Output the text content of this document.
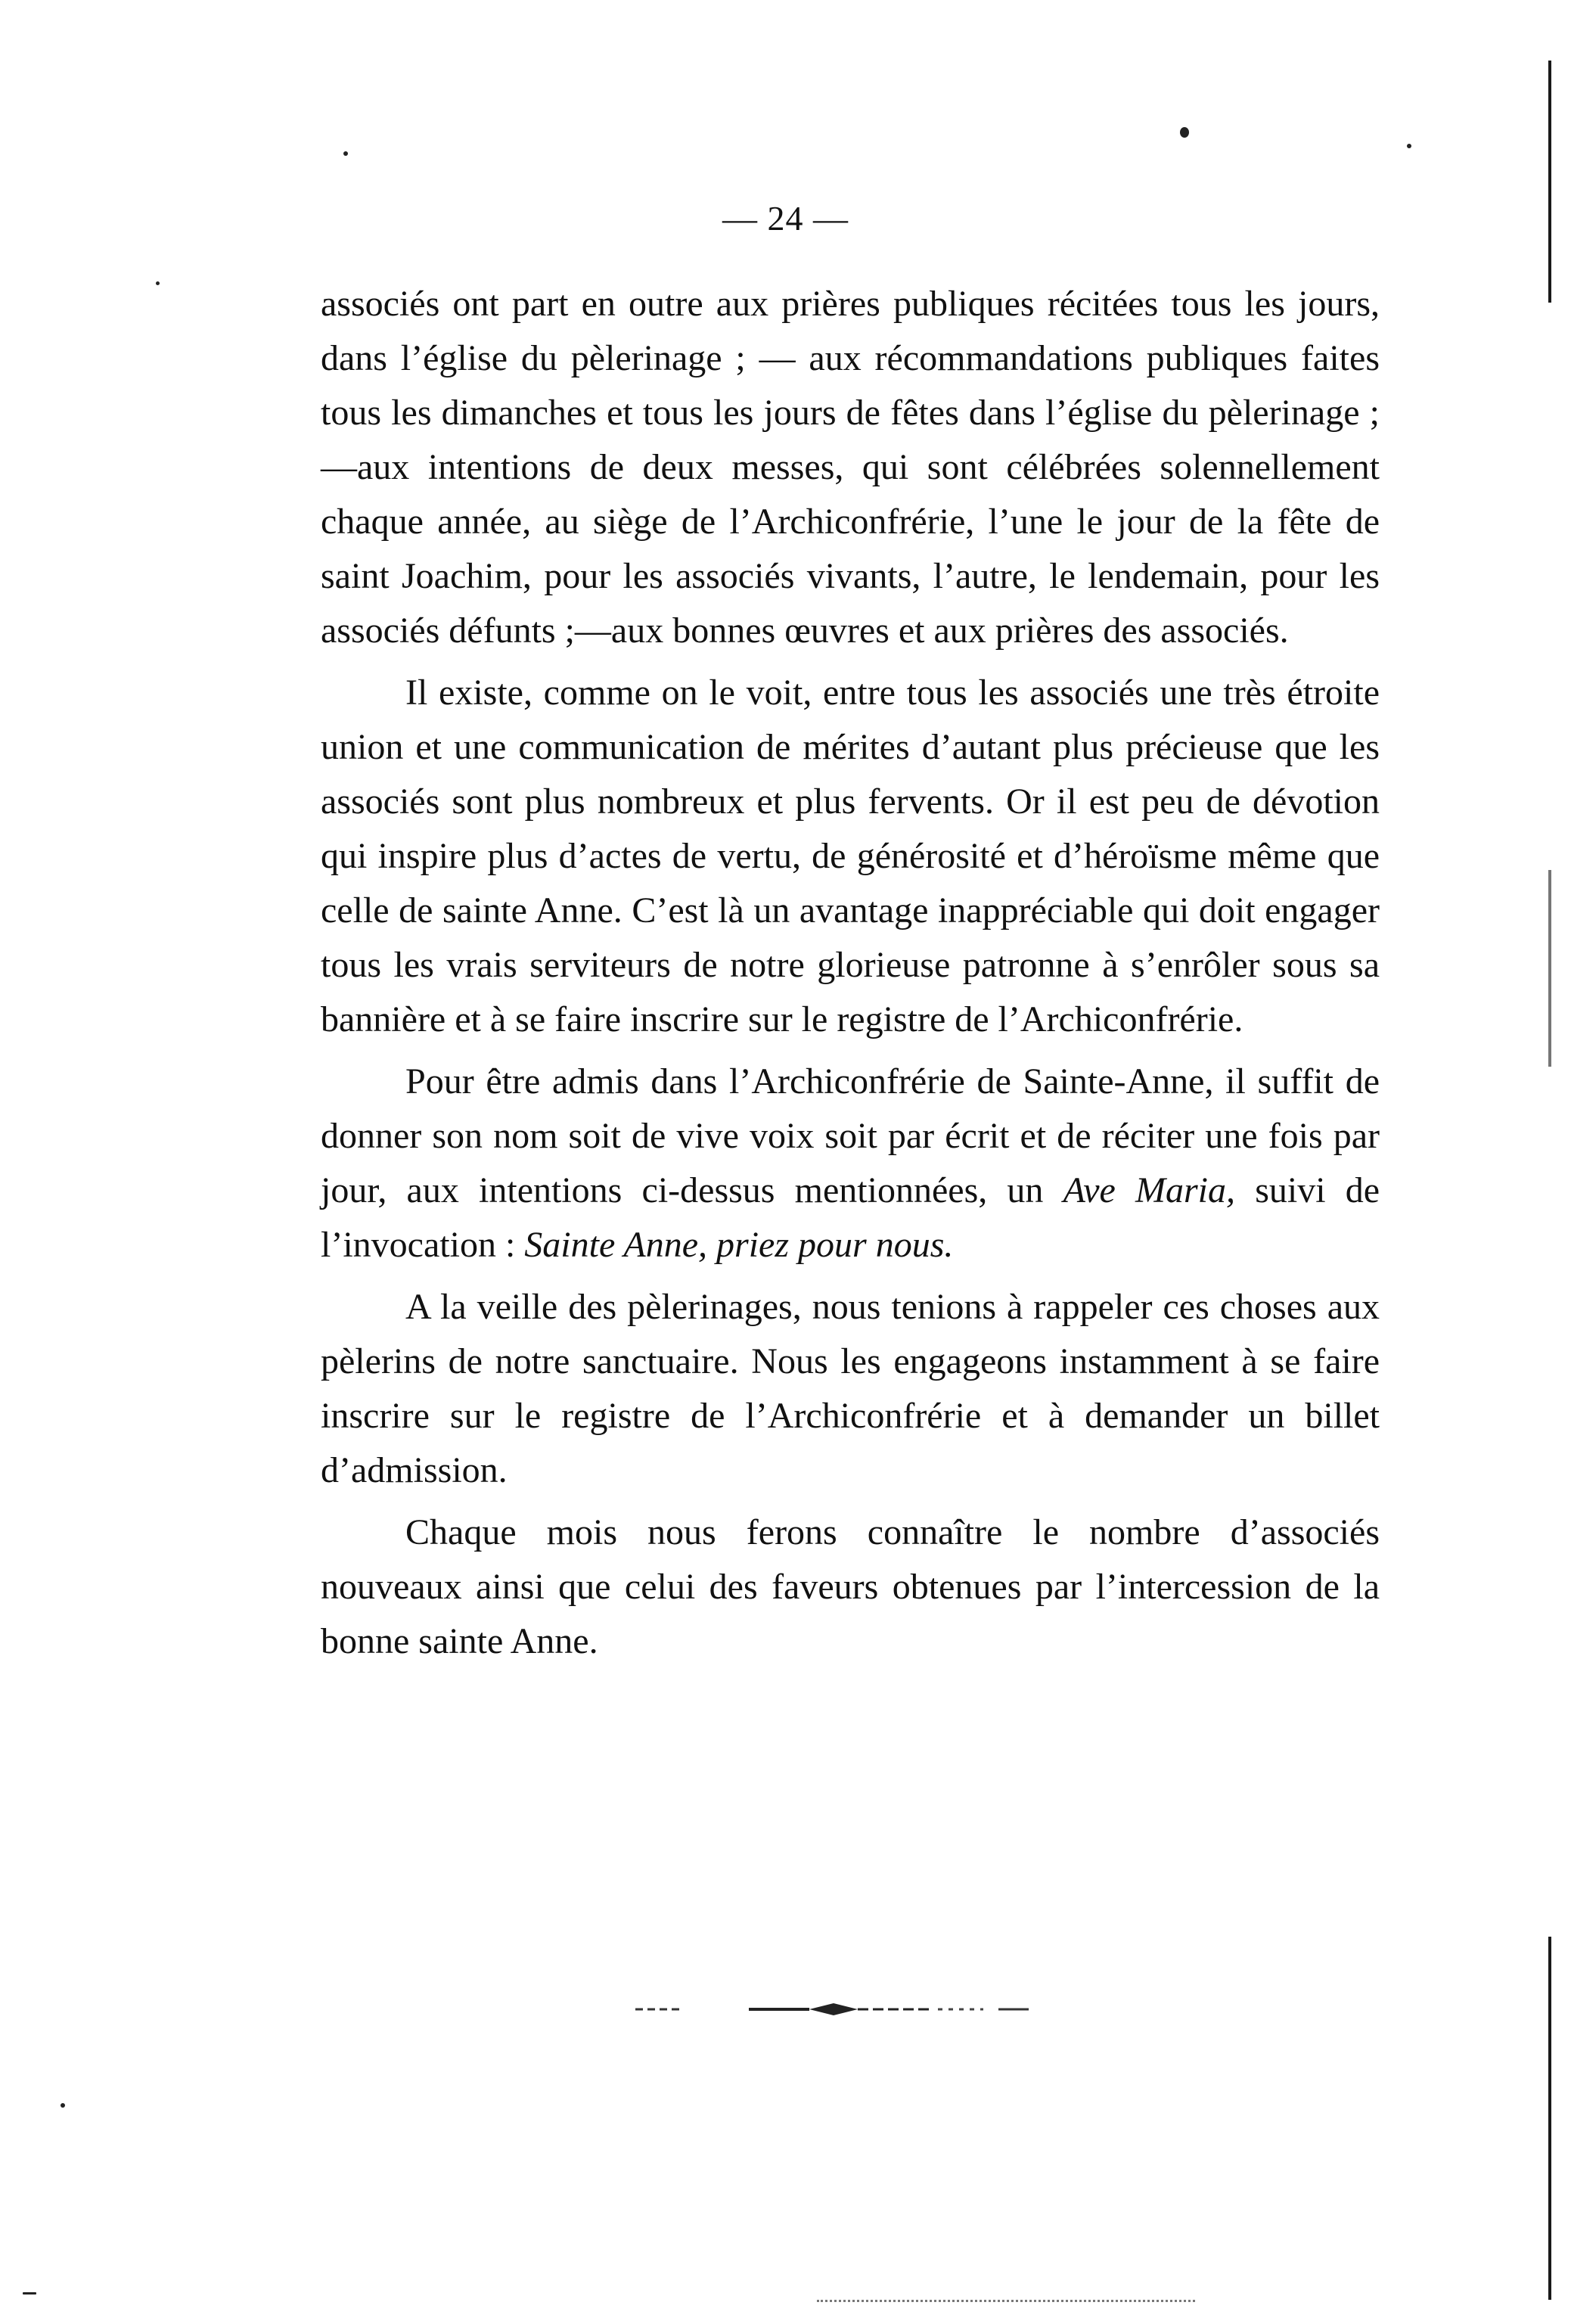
— 24 —

associés ont part en outre aux prières publiques récitées tous les jours, dans l’église du pèlerinage ; — aux récommandations publiques faites tous les dimanches et tous les jours de fêtes dans l’église du pèlerinage ;—aux intentions de deux messes, qui sont célébrées solennellement chaque année, au siège de l’Archiconfrérie, l’une le jour de la fête de saint Joachim, pour les associés vivants, l’autre, le lendemain, pour les associés défunts ;—aux bonnes œuvres et aux prières des associés.

Il existe, comme on le voit, entre tous les associés une très étroite union et une communication de mérites d’autant plus précieuse que les associés sont plus nombreux et plus fervents. Or il est peu de dévotion qui inspire plus d’actes de vertu, de générosité et d’héroïsme même que celle de sainte Anne. C’est là un avantage inappréciable qui doit engager tous les vrais serviteurs de notre glorieuse patronne à s’enrôler sous sa bannière et à se faire inscrire sur le registre de l’Archiconfrérie.

Pour être admis dans l’Archiconfrérie de Sainte-Anne, il suffit de donner son nom soit de vive voix soit par écrit et de réciter une fois par jour, aux intentions ci-dessus mentionnées, un Ave Maria, suivi de l’invocation : Sainte Anne, priez pour nous.

A la veille des pèlerinages, nous tenions à rappeler ces choses aux pèlerins de notre sanctuaire. Nous les engageons instamment à se faire inscrire sur le registre de l’Archiconfrérie et à demander un billet d’admission.

Chaque mois nous ferons connaître le nombre d’associés nouveaux ainsi que celui des faveurs obtenues par l’intercession de la bonne sainte Anne.
